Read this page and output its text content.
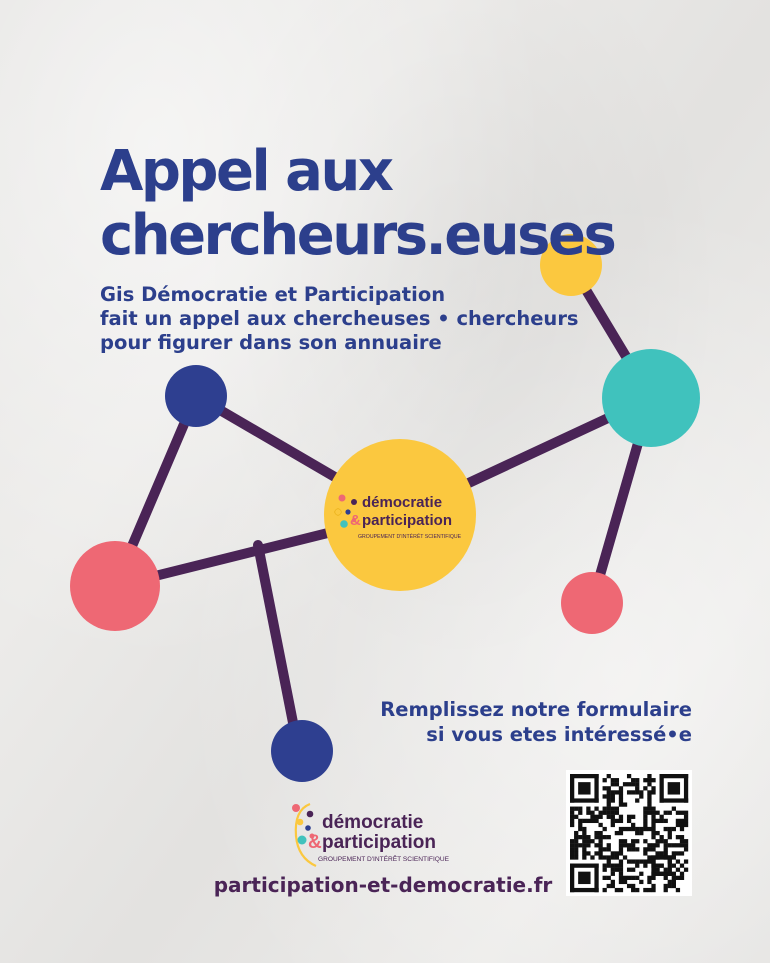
Appel aux
chercheurs.euses

Gis Démocratie et Participation
fait un appel aux chercheuses • chercheurs
pour figurer dans son annuaire

démocratie
& participation
GROUPEMENT D'INTÉRÊT SCIENTIFIQUE

Remplissez notre formulaire
si vous etes intéressé•e

démocratie
& participation
GROUPEMENT D'INTÉRÊT SCIENTIFIQUE
participation-et-democratie.fr
